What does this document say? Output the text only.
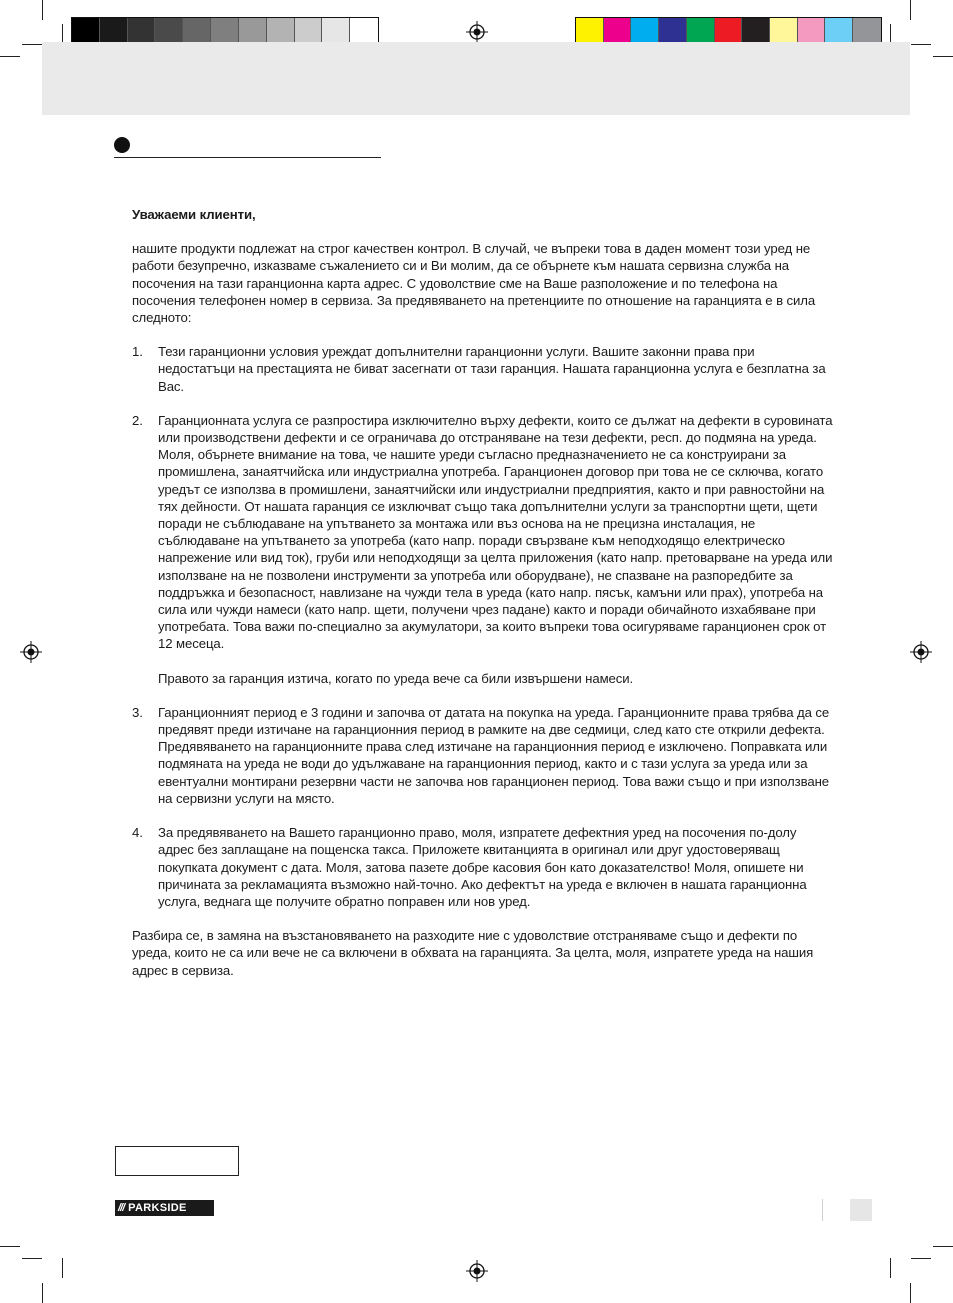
Уважаеми клиенти,

нашите продукти подлежат на строг качествен контрол. В случай, че въпреки това в даден момент този уред не работи безупречно, изказваме съжалението си и Ви молим, да се обърнете към нашата сервизна служба на посочения на тази гаранционна карта адрес. С удоволствие сме на Ваше разположение и по телефона на посочения телефонен номер в сервиза. За предявяването на претенциите по отношение на гаранцията е в сила следното:

1. Тези гаранционни условия уреждат допълнителни гаранционни услуги. Вашите законни права при недостатъци на престацията не биват засегнати от тази гаранция. Нашата гаранционна услуга е безплатна за Вас.

2. Гаранционната услуга се разпростира изключително върху дефекти, които се дължат на дефекти в суровината или производствени дефекти и се ограничава до отстраняване на тези дефекти, респ. до подмяна на уреда. Моля, обърнете внимание на това, че нашите уреди съгласно предназначението не са конструирани за промишлена, занаятчийска или индустриална употреба. Гаранционен договор при това не се сключва, когато уредът се използва в промишлени, занаятчийски или индустриални предприятия, както и при равностойни на тях дейности. От нашата гаранция се изключват също така допълнителни услуги за транспортни щети, щети поради не съблюдаване на упътването за монтажа или въз основа на не прецизна инсталация, не съблюдаване на упътването за употреба (като напр. поради свързване към неподходящо електрическо напрежение или вид ток), груби или неподходящи за целта приложения (като напр. претоварване на уреда или използване на не позволени инструменти за употреба или оборудване), не спазване на разпоредбите за поддръжка и безопасност, навлизане на чужди тела в уреда (като напр. пясък, камъни или прах), употреба на сила или чужди намеси (като напр. щети, получени чрез падане) както и поради обичайното изхабяване при употребата. Това важи по-специално за акумулатори, за които въпреки това осигуряваме гаранционен срок от 12 месеца.

Правото за гаранция изтича, когато по уреда вече са били извършени намеси.

3. Гаранционният период е 3 години и започва от датата на покупка на уреда. Гаранционните права трябва да се предявят преди изтичане на гаранционния период в рамките на две седмици, след като сте открили дефекта. Предявяването на гаранционните права след изтичане на гаранционния период е изключено. Поправката или подмяната на уреда не води до удължаване на гаранционния период, както и с тази услуга за уреда или за евентуални монтирани резервни части не започва нов гаранционен период. Това важи също и при използване на сервизни услуги на място.

4. За предявяването на Вашето гаранционно право, моля, изпратете дефектния уред на посочения по-долу адрес без заплащане на пощенска такса. Приложете квитанцията в оригинал или друг удостоверяващ покупката документ с дата. Моля, затова пазете добре касовия бон като доказателство! Моля, опишете ни причината за рекламацията възможно най-точно. Ако дефектът на уреда е включен в нашата гаранционна услуга, веднага ще получите обратно поправен или нов уред.

Разбира се, в замяна на възстановяването на разходите ние с удоволствие отстраняваме също и дефекти по уреда, които не са или вече не са включени в обхвата на гаранцията. За целта, моля, изпратете уреда на нашия адрес в сервиза.

/// PARKSIDE
